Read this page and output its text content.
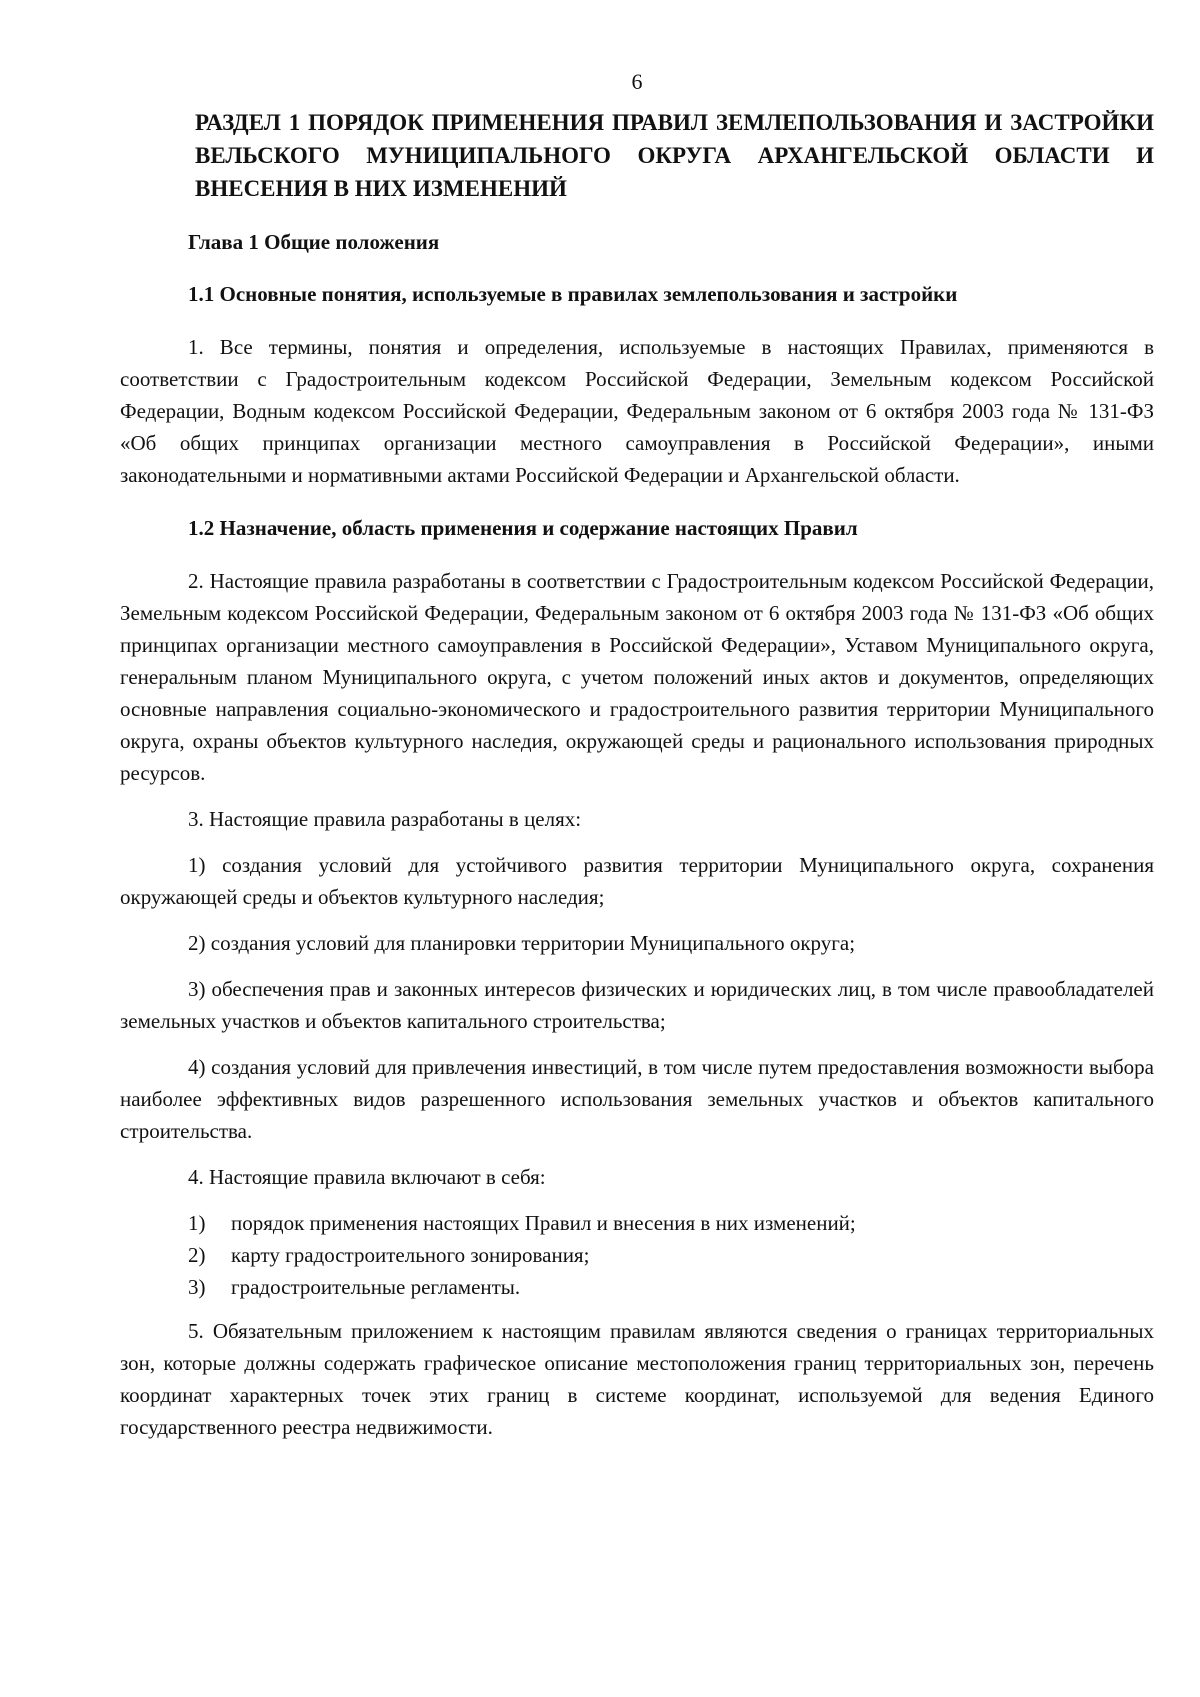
6
РАЗДЕЛ 1 ПОРЯДОК ПРИМЕНЕНИЯ ПРАВИЛ ЗЕМЛЕПОЛЬЗОВАНИЯ И ЗАСТРОЙКИ ВЕЛЬСКОГО МУНИЦИПАЛЬНОГО ОКРУГА АРХАНГЕЛЬСКОЙ ОБЛАСТИ И ВНЕСЕНИЯ В НИХ ИЗМЕНЕНИЙ
Глава 1 Общие положения
1.1 Основные понятия, используемые в правилах землепользования и застройки

1. Все термины, понятия и определения, используемые в настоящих Правилах, применяются в соответствии с Градостроительным кодексом Российской Федерации, Земельным кодексом Российской Федерации, Водным кодексом Российской Федерации, Федеральным законом от 6 октября 2003 года № 131-ФЗ «Об общих принципах организации местного самоуправления в Российской Федерации», иными законодательными и нормативными актами Российской Федерации и Архангельской области.

1.2 Назначение, область применения и содержание настоящих Правил

2. Настоящие правила разработаны в соответствии с Градостроительным кодексом Российской Федерации, Земельным кодексом Российской Федерации, Федеральным законом от 6 октября 2003 года № 131-ФЗ «Об общих принципах организации местного самоуправления в Российской Федерации», Уставом Муниципального округа, генеральным планом Муниципального округа, с учетом положений иных актов и документов, определяющих основные направления социально-экономического и градостроительного развития территории Муниципального округа, охраны объектов культурного наследия, окружающей среды и рационального использования природных ресурсов.

3. Настоящие правила разработаны в целях:

1) создания условий для устойчивого развития территории Муниципального округа, сохранения окружающей среды и объектов культурного наследия;

2) создания условий для планировки территории Муниципального округа;

3) обеспечения прав и законных интересов физических и юридических лиц, в том числе правообладателей земельных участков и объектов капитального строительства;

4) создания условий для привлечения инвестиций, в том числе путем предоставления возможности выбора наиболее эффективных видов разрешенного использования земельных участков и объектов капитального строительства.

4. Настоящие правила включают в себя:

1)	порядок применения настоящих Правил и внесения в них изменений;
2)	карту градостроительного зонирования;
3)	градостроительные регламенты.

5. Обязательным приложением к настоящим правилам являются сведения о границах территориальных зон, которые должны содержать графическое описание местоположения границ территориальных зон, перечень координат характерных точек этих границ в системе координат, используемой для ведения Единого государственного реестра недвижимости.
